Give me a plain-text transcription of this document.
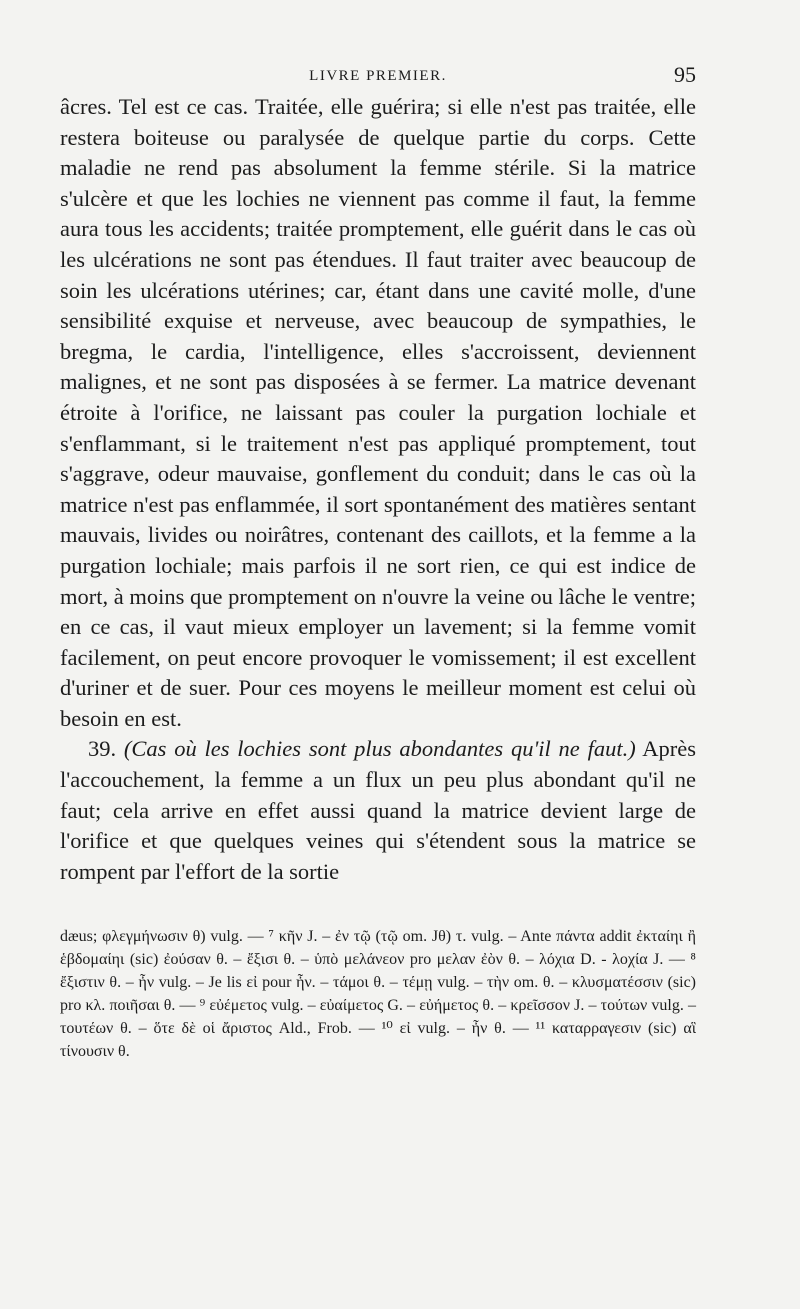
LIVRE PREMIER.	95

âcres. Tel est ce cas. Traitée, elle guérira; si elle n'est pas traitée, elle restera boiteuse ou paralysée de quelque partie du corps. Cette maladie ne rend pas absolument la femme stérile. Si la matrice s'ulcère et que les lochies ne viennent pas comme il faut, la femme aura tous les accidents; traitée promptement, elle guérit dans le cas où les ulcérations ne sont pas étendues. Il faut traiter avec beaucoup de soin les ulcérations utérines; car, étant dans une cavité molle, d'une sensibilité exquise et nerveuse, avec beaucoup de sympathies, le bregma, le cardia, l'intelligence, elles s'accroissent, deviennent malignes, et ne sont pas disposées à se fermer. La matrice devenant étroite à l'orifice, ne laissant pas couler la purgation lochiale et s'enflammant, si le traitement n'est pas appliqué promptement, tout s'aggrave, odeur mauvaise, gonflement du conduit; dans le cas où la matrice n'est pas enflammée, il sort spontanément des matières sentant mauvais, livides ou noirâtres, contenant des caillots, et la femme a la purgation lochiale; mais parfois il ne sort rien, ce qui est indice de mort, à moins que promptement on n'ouvre la veine ou lâche le ventre; en ce cas, il vaut mieux employer un lavement; si la femme vomit facilement, on peut encore provoquer le vomissement; il est excellent d'uriner et de suer. Pour ces moyens le meilleur moment est celui où besoin en est.

39. (Cas où les lochies sont plus abondantes qu'il ne faut.) Après l'accouchement, la femme a un flux un peu plus abondant qu'il ne faut; cela arrive en effet aussi quand la matrice devient large de l'orifice et que quelques veines qui s'étendent sous la matrice se rompent par l'effort de la sortie

dæus; φλεγμήνωσιν θ) vulg. — ⁷ κῆν J. – ἐν τῷ (τῷ om. Jθ) τ. vulg. – Ante πάντα addit ἐκταίηι ἢ ἑβδομαίηι (sic) ἐούσαν θ. – ἔξισι θ. – ὑπὸ μελάνεον pro μελαν ἐὸν θ. – λόχια D. - λοχία J. — ⁸ ἔξιστιν θ. – ἦν vulg. – Je lis εἰ pour ἦν. – τάμοι θ. – τέμῃ vulg. – τὴν om. θ. – κλυσματέσσιν (sic) pro κλ. ποιῆσαι θ. — ⁹ εὐέμετος vulg. – εὐαίμετος G. – εὐήμετος θ. – κρεῖσσον J. – τούτων vulg. – τουτέων θ. – ὅτε δὲ οἱ ἄριστος Ald., Frob. — ¹⁰ εἰ vulg. – ἦν θ. — ¹¹ καταρραγεσιν (sic) αἳ τίνουσιν θ.
